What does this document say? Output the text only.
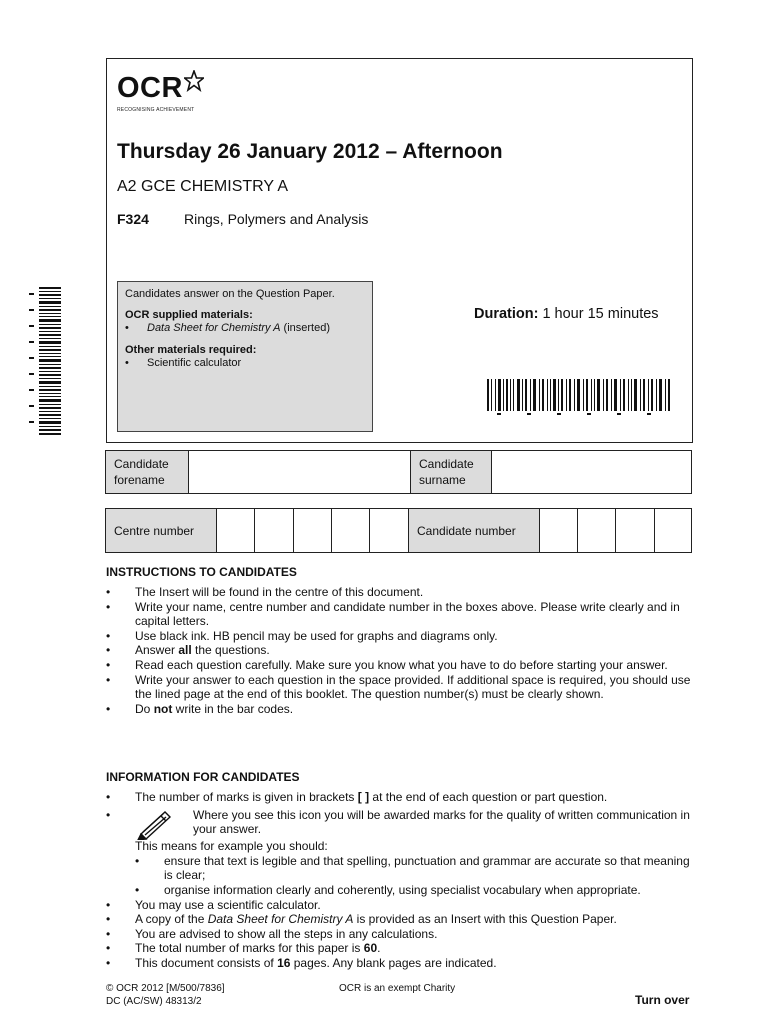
OCR
RECOGNISING ACHIEVEMENT
Thursday 26 January 2012 – Afternoon
A2 GCE CHEMISTRY A
F324	Rings, Polymers and Analysis
Candidates answer on the Question Paper.
OCR supplied materials:
•	Data Sheet for Chemistry A (inserted)
Other materials required:
•	Scientific calculator
Duration: 1 hour 15 minutes
Candidate forename
Candidate surname
Centre number	Candidate number
INSTRUCTIONS TO CANDIDATES
•	The Insert will be found in the centre of this document.
•	Write your name, centre number and candidate number in the boxes above. Please write clearly and in capital letters.
•	Use black ink. HB pencil may be used for graphs and diagrams only.
•	Answer all the questions.
•	Read each question carefully. Make sure you know what you have to do before starting your answer.
•	Write your answer to each question in the space provided. If additional space is required, you should use the lined page at the end of this booklet. The question number(s) must be clearly shown.
•	Do not write in the bar codes.
INFORMATION FOR CANDIDATES
•	The number of marks is given in brackets [ ] at the end of each question or part question.
•	Where you see this icon you will be awarded marks for the quality of written communication in your answer.
This means for example you should:
•	ensure that text is legible and that spelling, punctuation and grammar are accurate so that meaning is clear;
•	organise information clearly and coherently, using specialist vocabulary when appropriate.
•	You may use a scientific calculator.
•	A copy of the Data Sheet for Chemistry A is provided as an Insert with this Question Paper.
•	You are advised to show all the steps in any calculations.
•	The total number of marks for this paper is 60.
•	This document consists of 16 pages. Any blank pages are indicated.
© OCR 2012 [M/500/7836]
DC (AC/SW) 48313/2
OCR is an exempt Charity
Turn over
